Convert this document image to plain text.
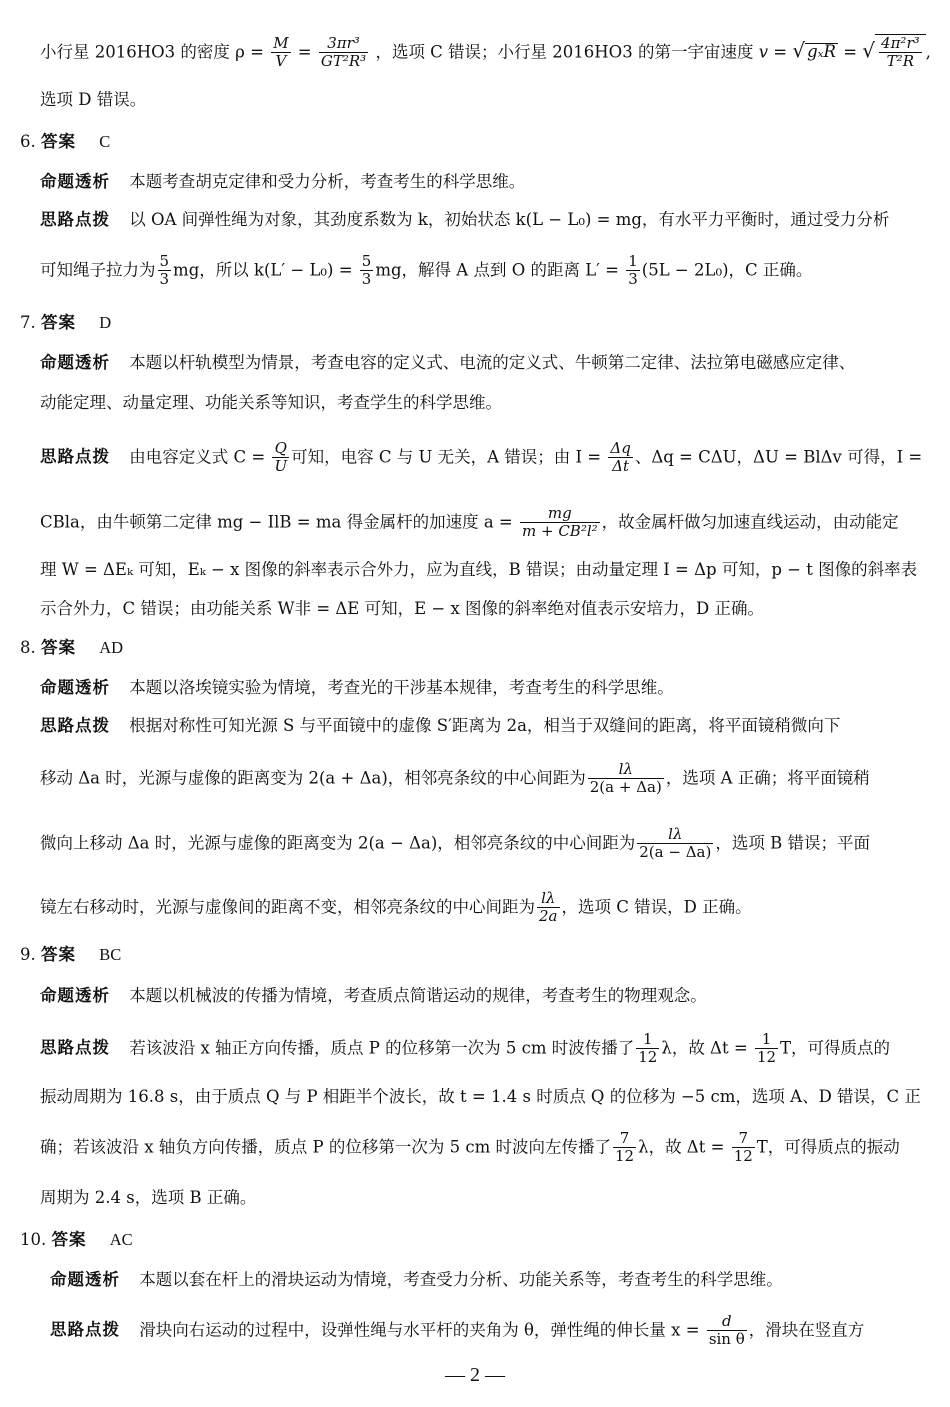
小行星 2016HO3 的密度 $\rho = \frac{M}{V} = \frac{\text{3πr³}}{\text{GT²R³}}$ ，选项 C 错误；小行星 2016HO3 的第一宇宙速度 v = √ gₓR = √ $\frac{\text{4π²r³}}{\text{T²R}}$ ,
选项 D 错误。
6. 答案 C
命题透析 本题考查胡克定律和受力分析，考查考生的科学思维。
思路点拨 以 OA 间弹性绳为对象，其劲度系数为 k，初始状态 k(L − L₀) = mg，有水平力平衡时，通过受力分析
可知绳子拉力为 $\frac{5}{3}$ mg，所以 $k(L' - L_0) = \frac{5}{3}$ mg，解得 A 点到 O 的距离 $L' = \frac{1}{3} (5L - 2L_0)$，C 正确。
7. 答案 D
命题透析 本题以杆轨模型为情景，考查电容的定义式、电流的定义式、牛顿第二定律、法拉第电磁感应定律、
动能定理、动量定理、功能关系等知识，考查学生的科学思维。
思路点拨 由电容定义式 $C = \frac{Q}{U}$ 可知，电容 C 与 U 无关，A 错误；由 $I = \frac{\Delta q}{\Delta t}$ 、Δq = CΔU，ΔU = BlΔv 可得，I =
CBla，由牛顿第二定律 mg − IlB = ma 得金属杆的加速度 $a = \frac{mg}{\text{m + CB²l²}}$ ，故金属杆做匀加速直线运动，由动能定
理 W = ΔEₖ 可知，Eₖ − x 图像的斜率表示合外力，应为直线，B 错误；由动量定理 I = Δp 可知，p − t 图像的斜率表
示合外力，C 错误；由功能关系 W非 = ΔE 可知，E − x 图像的斜率绝对值表示安培力，D 正确。
8. 答案 AD
命题透析 本题以洛埃镜实验为情境，考查光的干涉基本规律，考查考生的科学思维。
思路点拨 根据对称性可知光源 S 与平面镜中的虚像 S′距离为 2a，相当于双缝间的距离，将平面镜稍微向下
移动 Δa 时，光源与虚像的距离变为 2(a + Δa)，相邻亮条纹的中心间距为 $\frac{l\lambda}{2(a + \Delta a)}$ ，选项 A 正确；将平面镜稍
微向上移动 Δa 时，光源与虚像的距离变为 2(a − Δa)，相邻亮条纹的中心间距为 $\frac{l\lambda}{2(a - \Delta a)}$ ，选项 B 错误；平面
镜左右移动时，光源与虚像间的距离不变，相邻亮条纹的中心间距为 $\frac{l\lambda}{2a}$ ，选项 C 错误，D 正确。
9. 答案 BC
命题透析 本题以机械波的传播为情境，考查质点简谐运动的规律，考查考生的物理观念。
思路点拨 若该波沿 x 轴正方向传播，质点 P 的位移第一次为 5 cm 时波传播了 $\frac{1}{12}$ λ，故 $\Delta t = \frac{1}{12}$ T，可得质点的
振动周期为 16.8 s，由于质点 Q 与 P 相距半个波长，故 t = 1.4 s 时质点 Q 的位移为 −5 cm，选项 A、D 错误，C 正
确；若该波沿 x 轴负方向传播，质点 P 的位移第一次为 5 cm 时波向左传播了 $\frac{7}{12}$ λ，故 $\Delta t = \frac{7}{12}$ T，可得质点的振动
周期为 2.4 s，选项 B 正确。
10. 答案 AC
命题透析 本题以套在杆上的滑块运动为情境，考查受力分析、功能关系等，考查考生的科学思维。
思路点拨 滑块向右运动的过程中，设弹性绳与水平杆的夹角为 θ，弹性绳的伸长量 $x = \frac{d}{\text{sin θ}}$ ，滑块在竖直方
— 2 —
